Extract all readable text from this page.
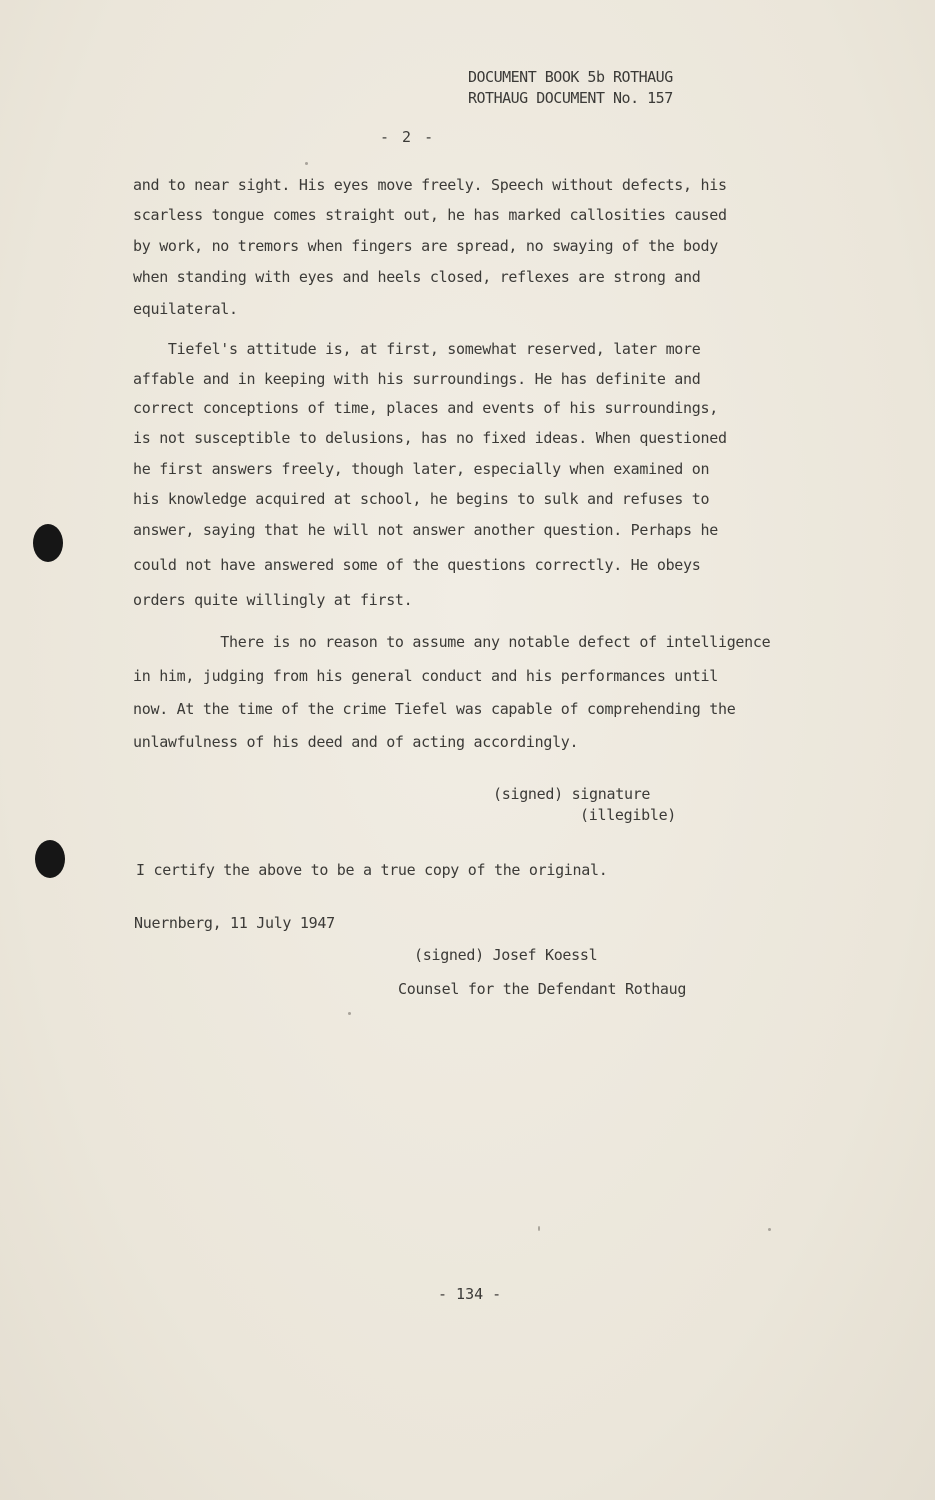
DOCUMENT BOOK 5b ROTHAUG
ROTHAUG DOCUMENT No. 157
- 2 -
and to near sight. His eyes move freely. Speech without defects, his
scarless tongue comes straight out, he has marked callosities caused
by work, no tremors when fingers are spread, no swaying of the body
when standing with eyes and heels closed, reflexes are strong and
equilateral.
Tiefel's attitude is, at first, somewhat reserved, later more
affable and in keeping with his surroundings. He has definite and
correct conceptions of time, places and events of his surroundings,
is not susceptible to delusions, has no fixed ideas. When questioned
he first answers freely, though later, especially when examined on
his knowledge acquired at school, he begins to sulk and refuses to
answer, saying that he will not answer another question. Perhaps he
could not have answered some of the questions correctly. He obeys
orders quite willingly at first.
There is no reason to assume any notable defect of intelligence
in him, judging from his general conduct and his performances until
now. At the time of the crime Tiefel was capable of comprehending the
unlawfulness of his deed and of acting accordingly.
(signed) signature
(illegible)
I certify the above to be a true copy of the original.
Nuernberg, 11 July 1947
(signed) Josef Koessl
Counsel for the Defendant Rothaug
- 134 -
